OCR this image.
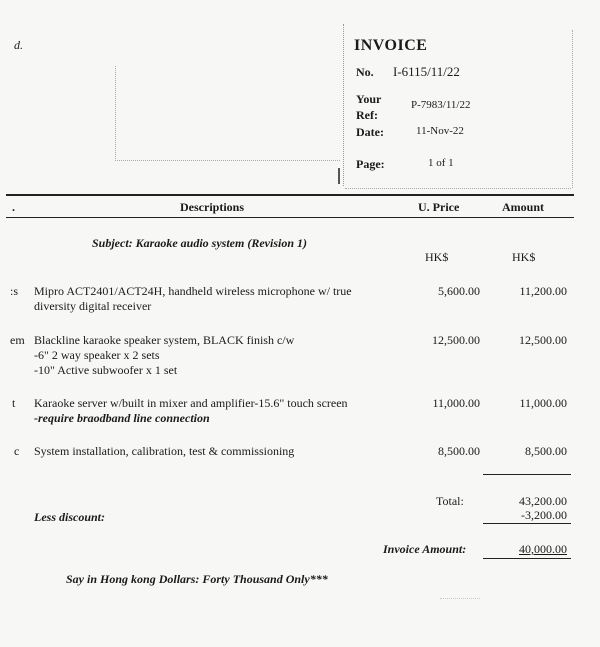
d.	INVOICE
No. I-6115/11/22
Your
Ref:
P-7983/11/22
Date:	11-Nov-22
Page:	1 of 1
.	Descriptions	U. Price	Amount
Subject: Karaoke audio system (Revision 1)
HK$	HK$
:s Mipro ACT2401/ACT24H, handheld wireless microphone w/ true
diversity digital receiver
5,600.00	11,200.00
em Blackline karaoke speaker system, BLACK finish c/w
-6" 2 way speaker x 2 sets
-10" Active subwoofer x 1 set
12,500.00	12,500.00
t Karaoke server w/built in mixer and amplifier-15.6" touch screen
-require braodband line connection
11,000.00	11,000.00
c System installation, calibration, test & commissioning	8,500.00	8,500.00
Total:	43,200.00
Less discount:	-3,200.00
Invoice Amount:	40,000.00
Say in Hong kong Dollars: Forty Thousand Only***
